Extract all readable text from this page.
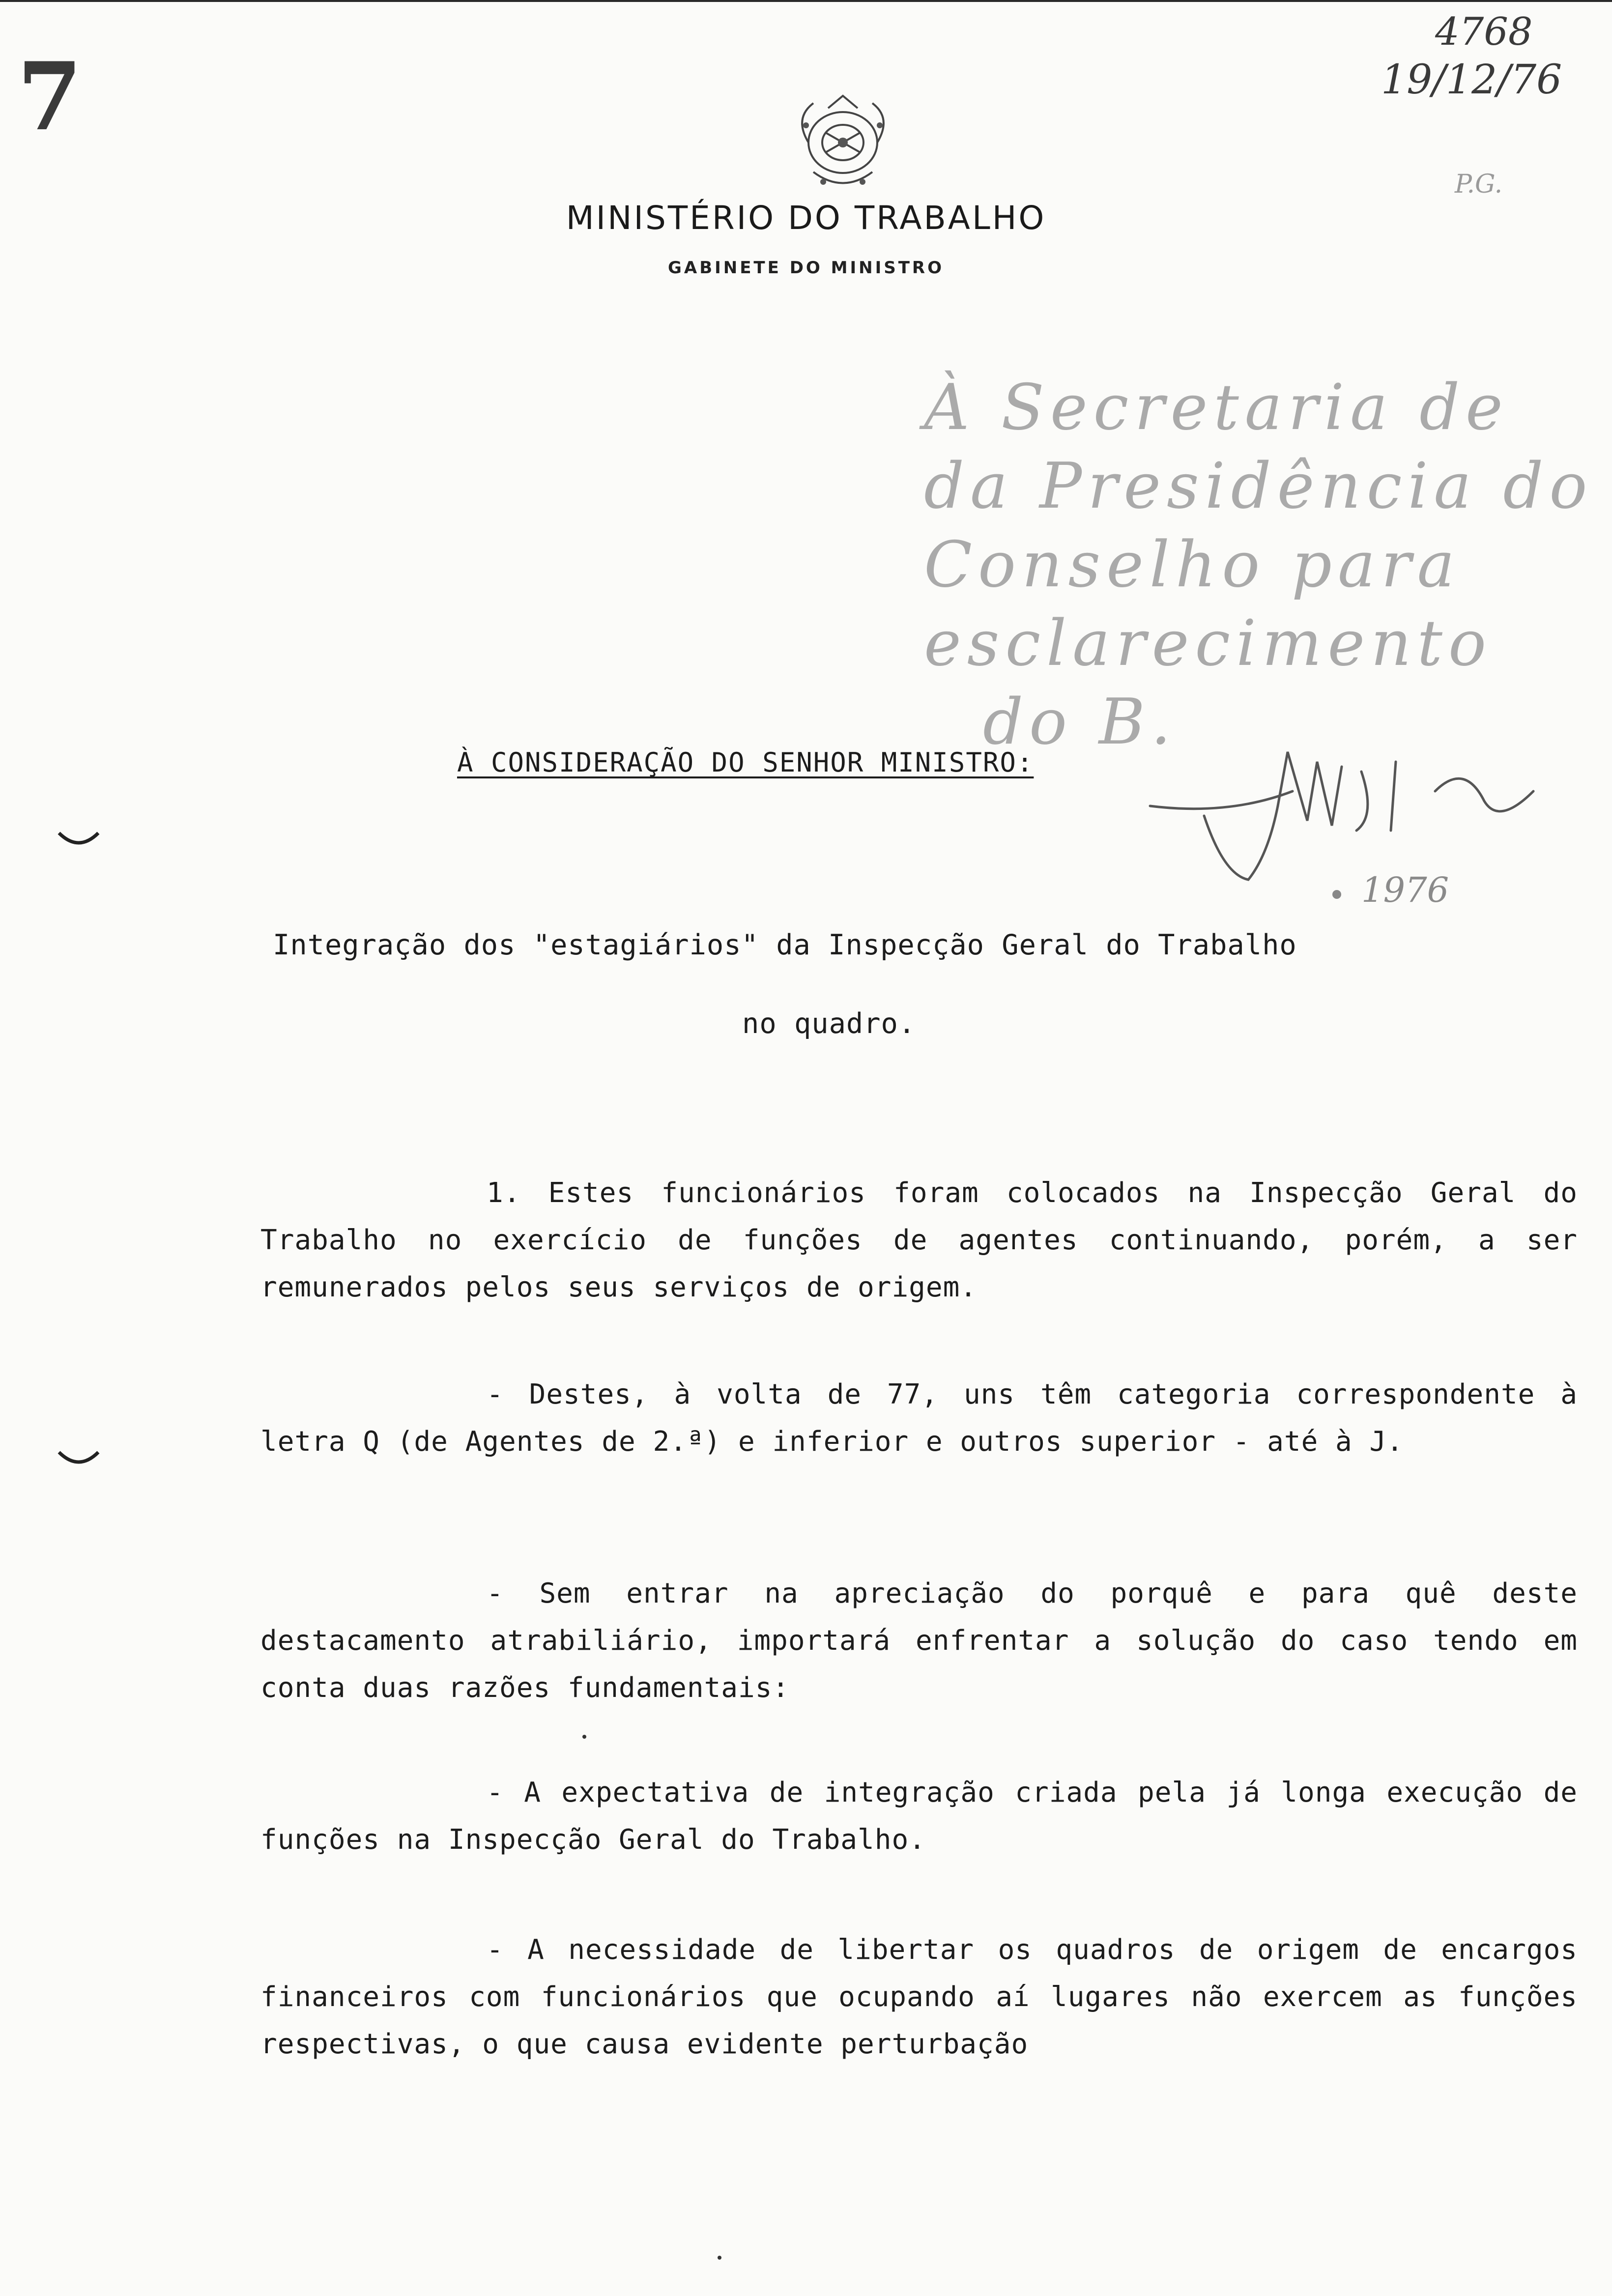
4768
19/12/76
P.G.
7
MINISTÉRIO DO TRABALHO
GABINETE DO MINISTRO
À Secretaria de
da Presidência do
Conselho para
esclarecimento
do B.
À CONSIDERAÇÃO DO SENHOR MINISTRO:
1976
Integração dos "estagiários" da Inspecção Geral do Trabalho
no quadro.
1. Estes funcionários foram colocados na Inspecção Geral do Trabalho no exercício de funções de agentes continuando, porém, a ser remunerados pelos seus serviços de origem.
- Destes, à volta de 77, uns têm categoria correspondente à letra Q (de Agentes de 2.ª) e inferior e outros superior - até à J.
- Sem entrar na apreciação do porquê e para quê deste destacamento atrabiliário, importará enfrentar a solução do caso tendo em conta duas razões fundamentais:
- A expectativa de integração criada pela já longa execução de funções na Inspecção Geral do Trabalho.
- A necessidade de libertar os quadros de origem de encargos financeiros com funcionários que ocupando aí lugares não exercem as funções respectivas, o que causa evidente perturbação
